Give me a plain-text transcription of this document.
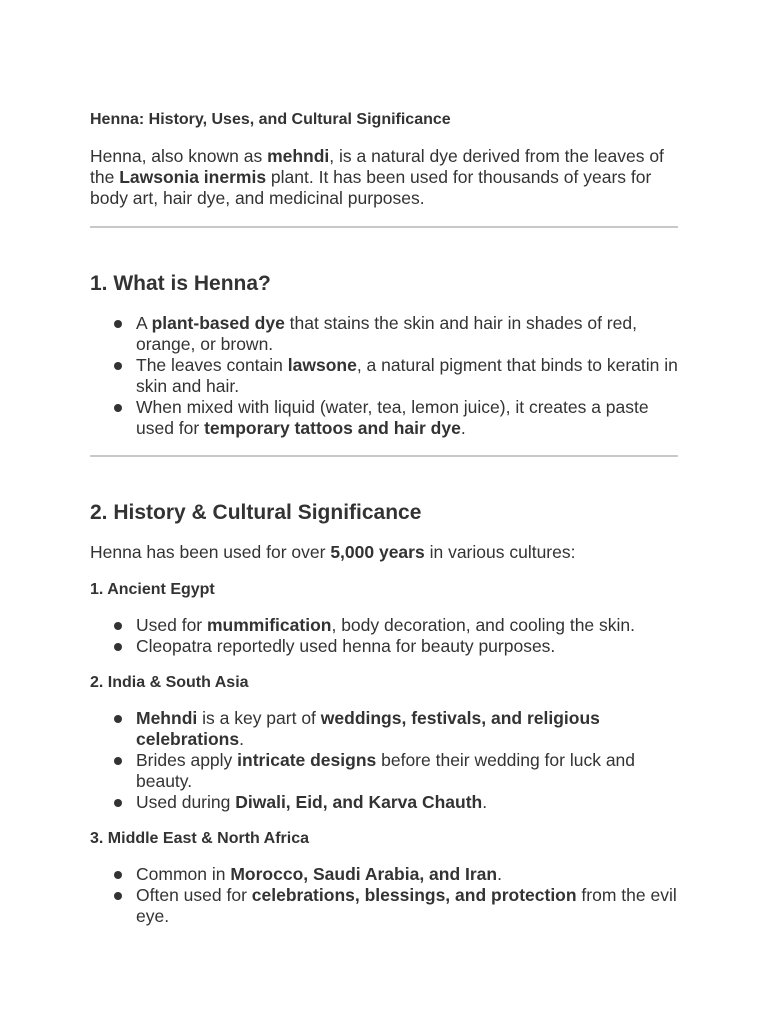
Henna: History, Uses, and Cultural Significance

Henna, also known as mehndi, is a natural dye derived from the leaves of the Lawsonia inermis plant. It has been used for thousands of years for body art, hair dye, and medicinal purposes.

1. What is Henna?
A plant-based dye that stains the skin and hair in shades of red, orange, or brown.
The leaves contain lawsone, a natural pigment that binds to keratin in skin and hair.
When mixed with liquid (water, tea, lemon juice), it creates a paste used for temporary tattoos and hair dye.
2. History & Cultural Significance

Henna has been used for over 5,000 years in various cultures:

1. Ancient Egypt
Used for mummification, body decoration, and cooling the skin.
Cleopatra reportedly used henna for beauty purposes.
2. India & South Asia
Mehndi is a key part of weddings, festivals, and religious celebrations.
Brides apply intricate designs before their wedding for luck and beauty.
Used during Diwali, Eid, and Karva Chauth.
3. Middle East & North Africa
Common in Morocco, Saudi Arabia, and Iran.
Often used for celebrations, blessings, and protection from the evil eye.
